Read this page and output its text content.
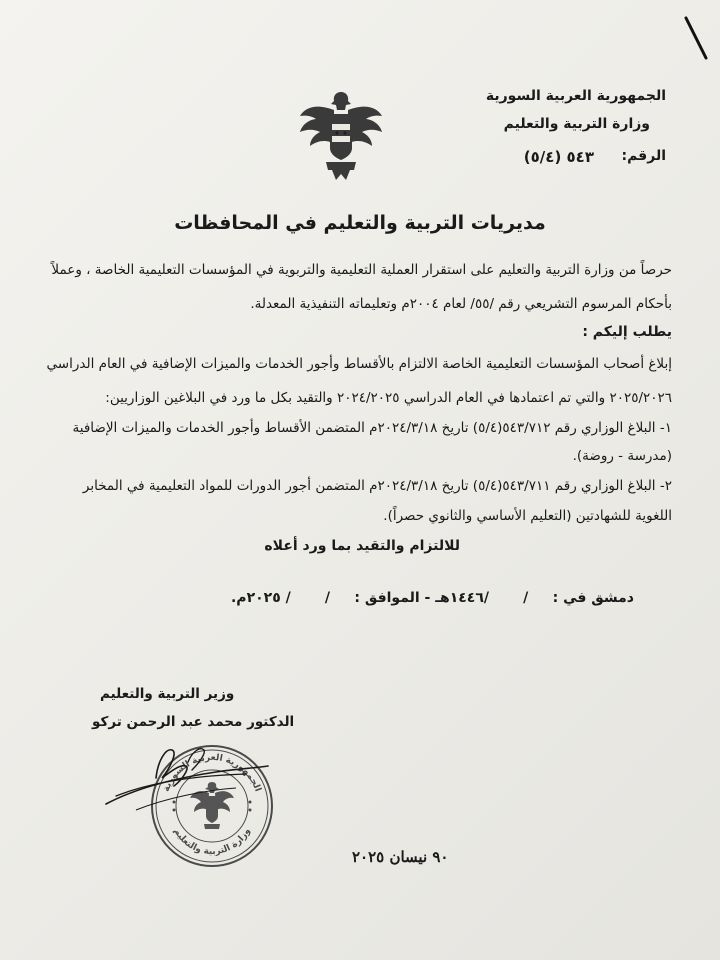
الجمهورية العربية السورية
وزارة التربية والتعليم
الرقم:
٥٤٣ (٥/٤)
مديريات التربية والتعليم في المحافظات
حرصاً من وزارة التربية والتعليم على استقرار العملية التعليمية والتربوية في المؤسسات التعليمية الخاصة ، وعملاً
بأحكام المرسوم التشريعي رقم /٥٥/ لعام ٢٠٠٤م وتعليماته التنفيذية المعدلة.
يطلب إليكم :
إبلاغ أصحاب المؤسسات التعليمية الخاصة الالتزام بالأقساط وأجور الخدمات والميزات الإضافية في العام الدراسي
٢٠٢٥/٢٠٢٦ والتي تم اعتمادها في العام الدراسي ٢٠٢٤/٢٠٢٥ والتقيد بكل ما ورد في البلاغين الوزاريين:
١- البلاغ الوزاري رقم ٥٤٣/٧١٢(٥/٤) تاريخ ٢٠٢٤/٣/١٨م المتضمن الأقساط وأجور الخدمات والميزات الإضافية
(مدرسة - روضة).
٢- البلاغ الوزاري رقم ٥٤٣/٧١١(٥/٤) تاريخ ٢٠٢٤/٣/١٨م المتضمن أجور الدورات للمواد التعليمية في المخابر
اللغوية للشهادتين (التعليم الأساسي والثانوي حصراً).
للالتزام والتقيد بما ورد أعلاه
دمشق في :     /       /١٤٤٦هـ - الموافق :     /       / ٢٠٢٥م.
وزير التربية والتعليم
الدكتور محمد عبد الرحمن تركو
الجمهورية العربية السورية
وزارة التربية والتعليم
٩٠ نيسان ٢٠٢٥
